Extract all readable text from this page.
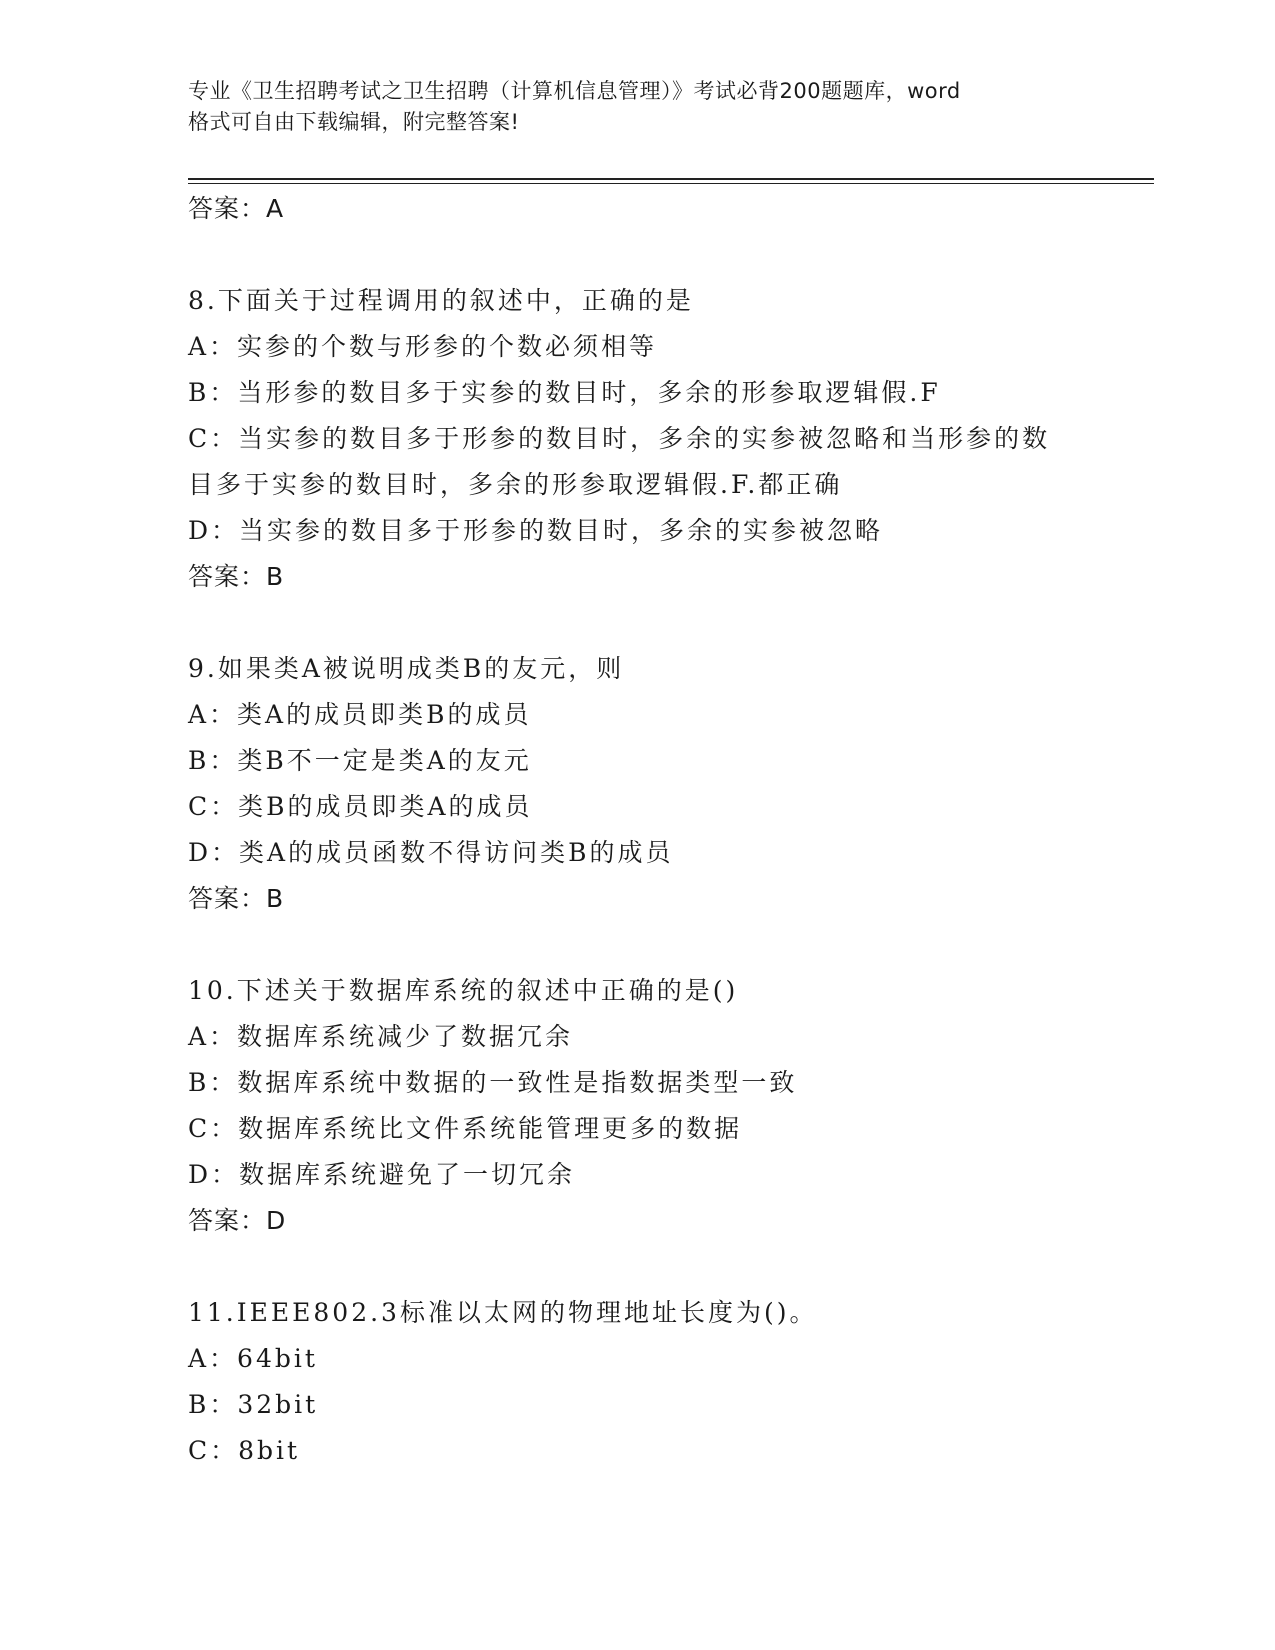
专业《卫生招聘考试之卫生招聘（计算机信息管理）》考试必背200题题库，word
格式可自由下载编辑，附完整答案!
答案：A
8.下面关于过程调用的叙述中，正确的是
A：实参的个数与形参的个数必须相等
B：当形参的数目多于实参的数目时，多余的形参取逻辑假.F
C：当实参的数目多于形参的数目时，多余的实参被忽略和当形参的数
目多于实参的数目时，多余的形参取逻辑假.F.都正确
D：当实参的数目多于形参的数目时，多余的实参被忽略
答案：B
9.如果类A被说明成类B的友元，则
A：类A的成员即类B的成员
B：类B不一定是类A的友元
C：类B的成员即类A的成员
D：类A的成员函数不得访问类B的成员
答案：B
10.下述关于数据库系统的叙述中正确的是()
A：数据库系统减少了数据冗余
B：数据库系统中数据的一致性是指数据类型一致
C：数据库系统比文件系统能管理更多的数据
D：数据库系统避免了一切冗余
答案：D
11.IEEE802.3标准以太网的物理地址长度为()。
A：64bit
B：32bit
C：8bit
